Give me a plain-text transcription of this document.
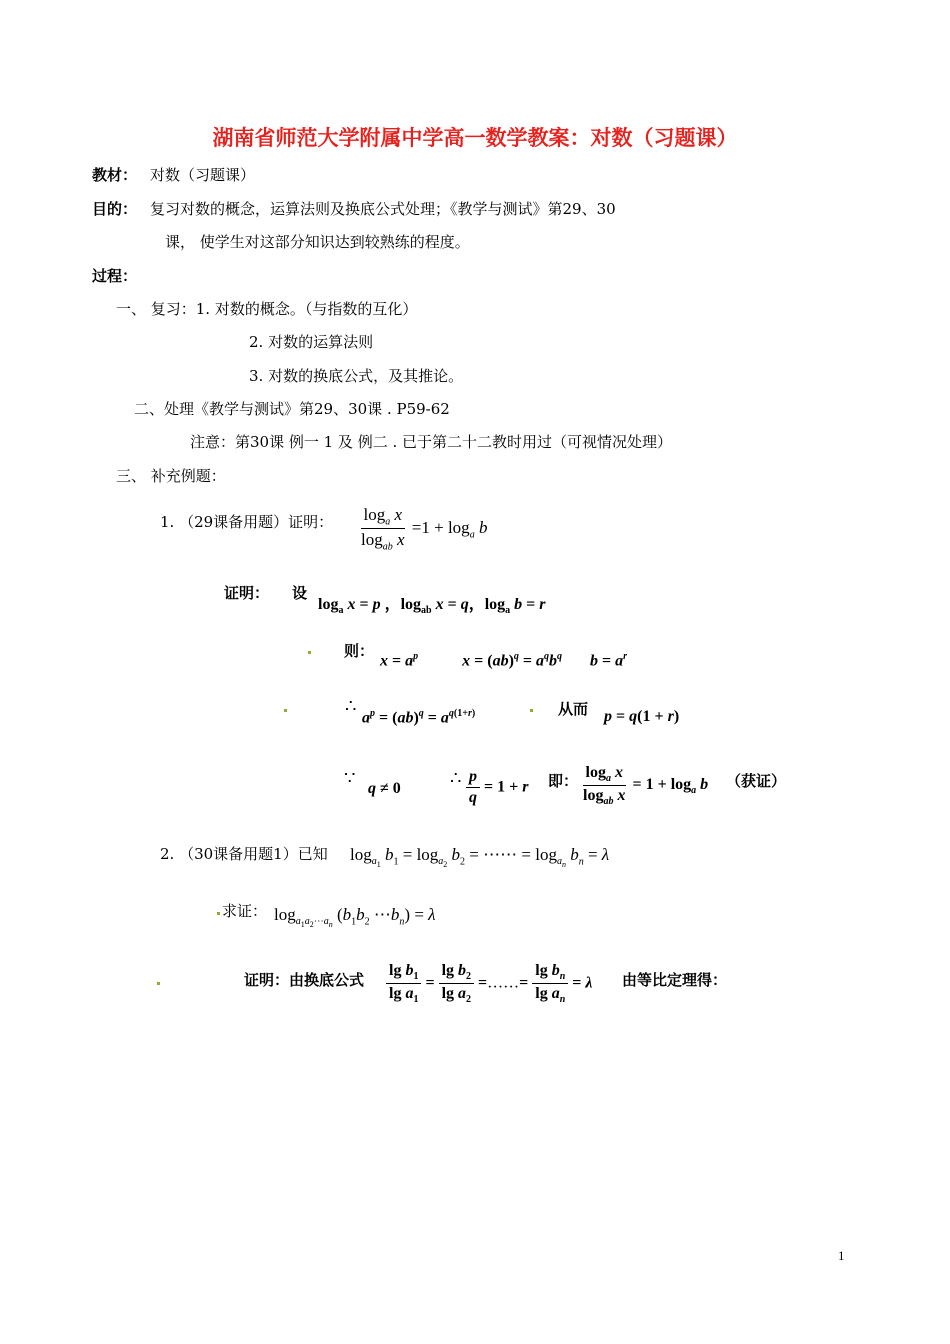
湖南省师范大学附属中学高一数学教案：对数（习题课）
教材： 对数（习题课）
目的： 复习对数的概念，运算法则及换底公式处理；《教学与测试》第29、30
课， 使学生对这部分知识达到较熟练的程度。
过程：
一、 复习：1. 对数的概念。（与指数的互化）
2. 对数的运算法则
3. 对数的换底公式，及其推论。
二、处理《教学与测试》第29、30课 . P59-62
注意：第30课 例一 1 及 例二 . 已于第二十二教时用过（可视情况处理）
三、 补充例题：
1. （29课备用题）证明： $\frac{\log_a x}{\log_{ab} x} =1 + \log_a b$
证明： 设
$\log_a x = p$ ，$\log_{ab} x = q$，$\log_a b = r$
则：
$x = a^p$	$x = (ab)^q = a^qb^q$ $b = a^r$
∴
$a^p = (ab)^q = a^{q(1+r)}$	从而 p = q(1 + r)
∵ q ≠ 0	∴ $\frac{p}{q} = 1 + r$ 即： $\frac{\log_a x}{\log_{ab} x} = 1 + \log_a b$ （获证）
2. （30课备用题1）已知 $\log_{a_1} b_1 = \log_{a_2} b_2$ = ⋯⋯ = $\log_{a_n} b_n = \lambda$
求证： $\log_{a_1a_2\cdots a_n} (b_1b_2$ $\cdots b_n) = \lambda$
证明：由换底公式 $\frac{\lg b_1}{\lg a_1} = \frac{\lg b_2}{\lg a_2}$ =……= $\frac{\lg b_n}{\lg a_n} = \lambda$ 由等比定理得：
1
